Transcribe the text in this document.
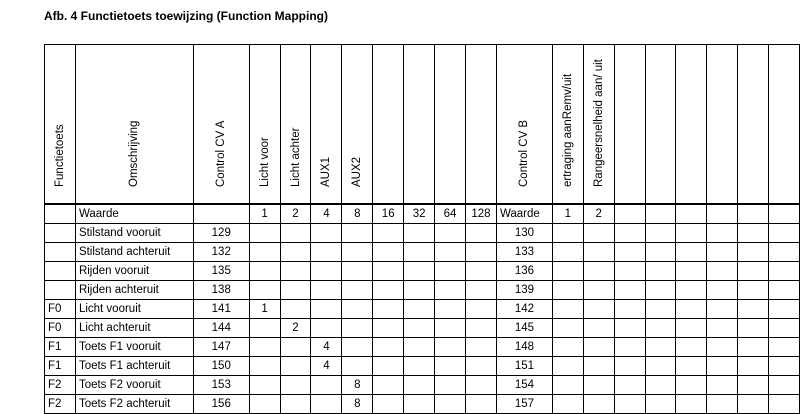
Afb. 4 Functietoets toewijzing (Function Mapping)
Functietoets	Omschrijving	Control CV A	Licht voor	Licht achter	AUX1	AUX2					Control CV B	ertraging aanRemv/uit	Rangeersnelheid aan/ uit						

	Waarde		1	2	4	8	16	32	64	128	Waarde	1	2						
	Stilstand vooruit	129									130								
	Stilstand achteruit	132									133								
	Rijden vooruit	135									136								
	Rijden achteruit	138									139								
F0	Licht vooruit	141	1								142								
F0	Licht achteruit	144		2							145								
F1	Toets F1 vooruit	147			4						148								
F1	Toets F1 achteruit	150			4						151								
F2	Toets F2 vooruit	153				8					154								
F2	Toets F2 achteruit	156				8					157								
